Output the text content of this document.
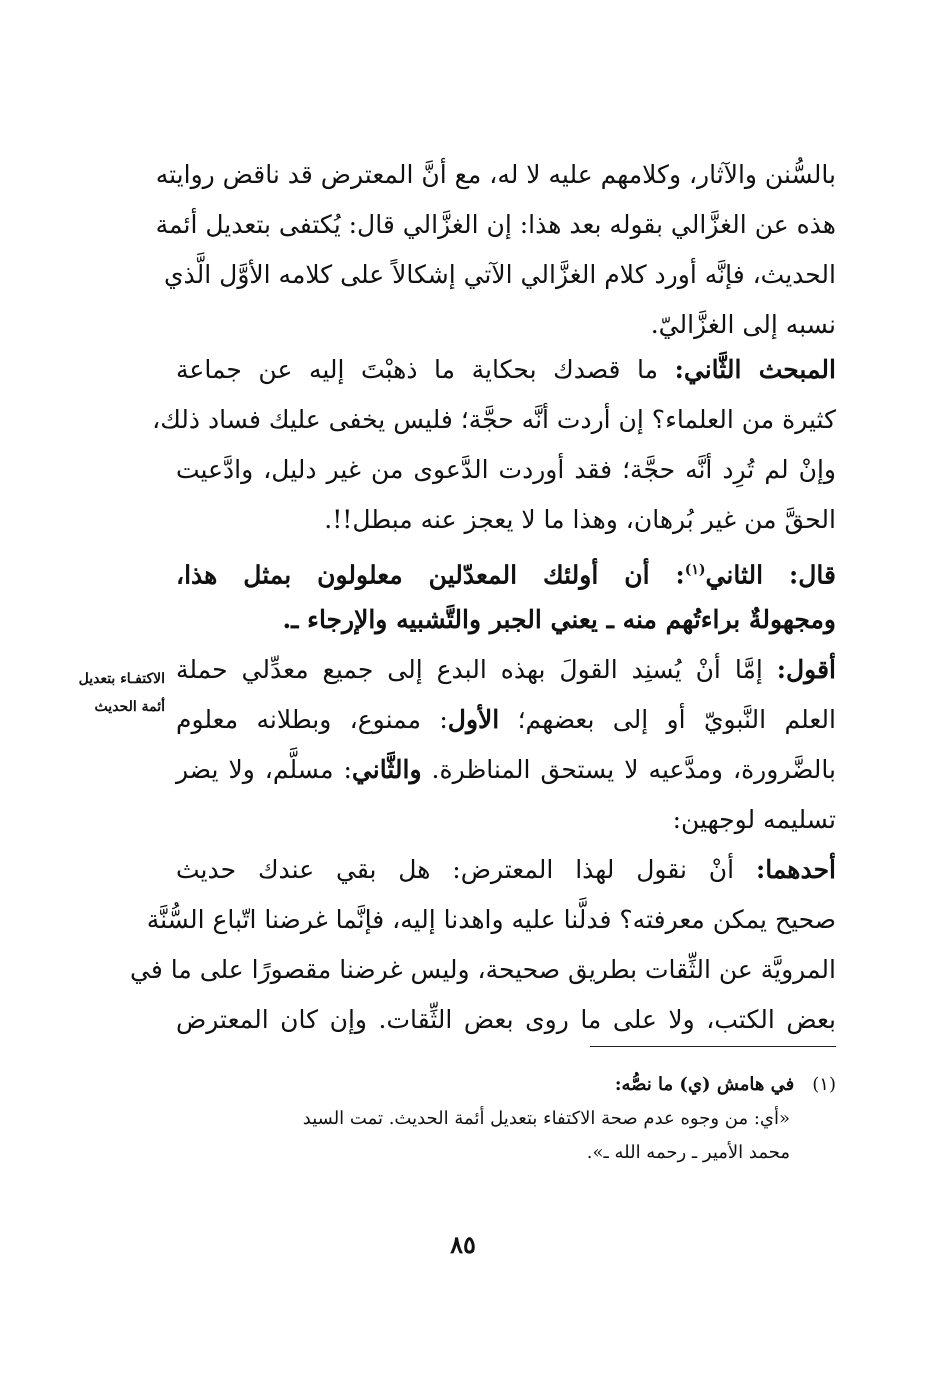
بالسُّنن والآثار، وكلامهم عليه لا له، مع أنَّ المعترض قد ناقض روايته
هذه عن الغزَّالي بقوله بعد هذا: إن الغزَّالي قال: يُكتفى بتعديل أئمة
الحديث، فإنَّه أورد كلام الغزَّالي الآتي إشكالاً على كلامه الأوَّل الَّذي
نسبه إلى الغزَّاليّ.
المبحث الثَّاني: ما قصدك بحكاية ما ذهبْتَ إليه عن جماعة
كثيرة من العلماء؟ إن أردت أنَّه حجَّة؛ فليس يخفى عليك فساد ذلك،
وإنْ لم تُرِد أنَّه حجَّة؛ فقد أوردت الدَّعوى من غير دليل، وادَّعيت
الحقَّ من غير بُرهان، وهذا ما لا يعجز عنه مبطل!!.
قال: الثاني$^{(١)}$: أن أولئك المعدّلين معلولون بمثل هذا،
ومجهولةٌ براءتُهم منه ـ يعني الجبر والتَّشبيه والإرجاء ـ.
أقول: إمَّا أنْ يُسنِد القولَ بهذه البدع إلى جميع معدِّلي حملة
العلم النَّبويّ أو إلى بعضهم؛ الأول: ممنوع، وبطلانه معلوم
بالضَّرورة، ومدَّعيه لا يستحق المناظرة. والثَّاني: مسلَّم، ولا يضر
تسليمه لوجهين:
أحدهما: أنْ نقول لهذا المعترض: هل بقي عندك حديث
صحيح يمكن معرفته؟ فدلَّنا عليه واهدنا إليه، فإنَّما غرضنا اتّباع السُّنَّة
المرويَّة عن الثِّقات بطريق صحيحة، وليس غرضنا مقصورًا على ما في
بعض الكتب، ولا على ما روى بعض الثِّقات. وإن كان المعترض
الاكتفـاء بتعديل
أئمة الحديث
(١)في هامش (ي) ما نصُّه:
«أي: من وجوه عدم صحة الاكتفاء بتعديل أئمة الحديث. تمت السيد
محمد الأمير ـ رحمه الله ـ».
٨٥
